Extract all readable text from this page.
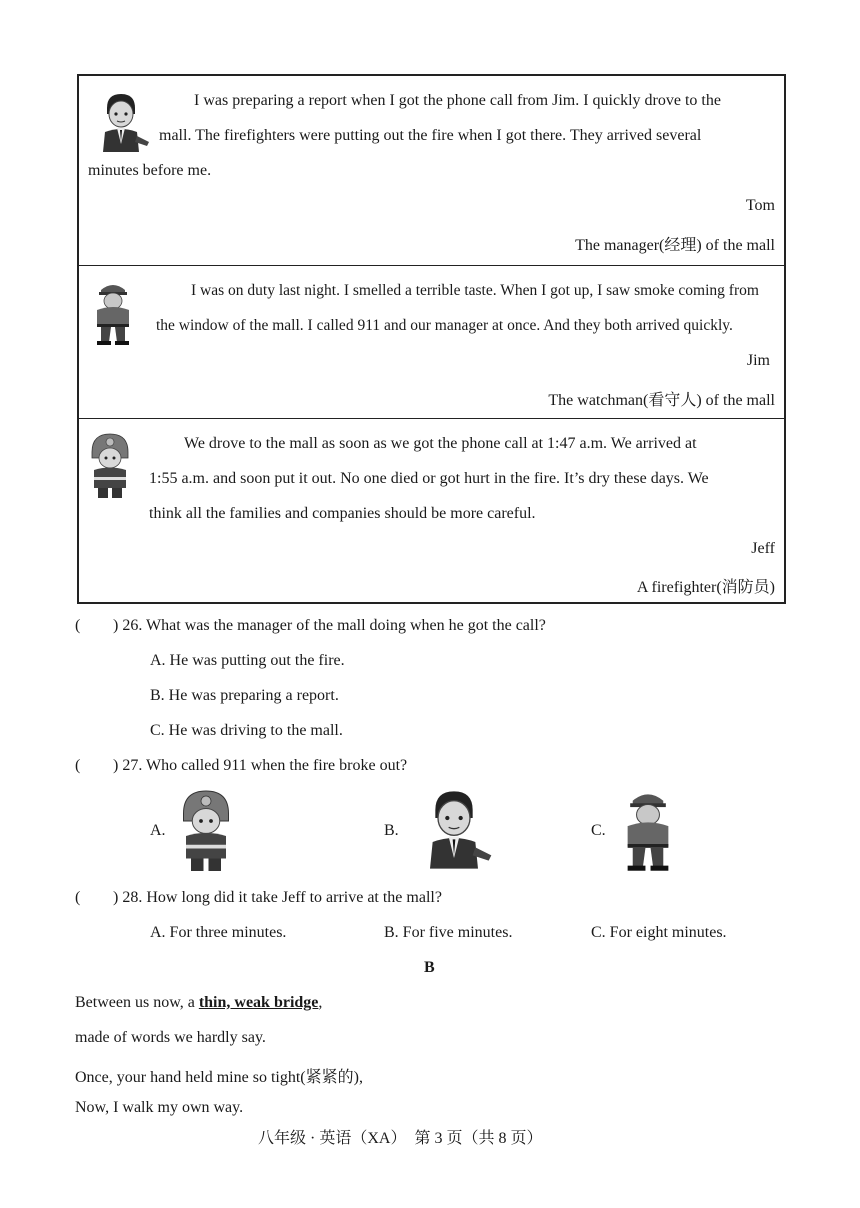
I was preparing a report when I got the phone call from Jim. I quickly drove to the
mall. The firefighters were putting out the fire when I got there. They arrived several
minutes before me.
Tom
The manager(经理) of the mall
I was on duty last night. I smelled a terrible taste. When I got up, I saw smoke coming from
the window of the mall. I called 911 and our manager at once. And they both arrived quickly.
Jim
The watchman(看守人) of the mall
We drove to the mall as soon as we got the phone call at 1:47 a.m. We arrived at
1:55 a.m. and soon put it out. No one died or got hurt in the fire. It’s dry these days. We
think all the families and companies should be more careful.
Jeff
A firefighter(消防员)
( ) 26. What was the manager of the mall doing when he got the call?
A. He was putting out the fire.
B. He was preparing a report.
C. He was driving to the mall.
( ) 27. Who called 911 when the fire broke out?
A.	B.	C.
( ) 28. How long did it take Jeff to arrive at the mall?
A. For three minutes.	B. For five minutes.	C. For eight minutes.
B
Between us now, a thin, weak bridge,
made of words we hardly say.
Once, your hand held mine so tight(紧紧的),
Now, I walk my own way.
八年级 · 英语（XA）　第 3 页（共 8 页）
